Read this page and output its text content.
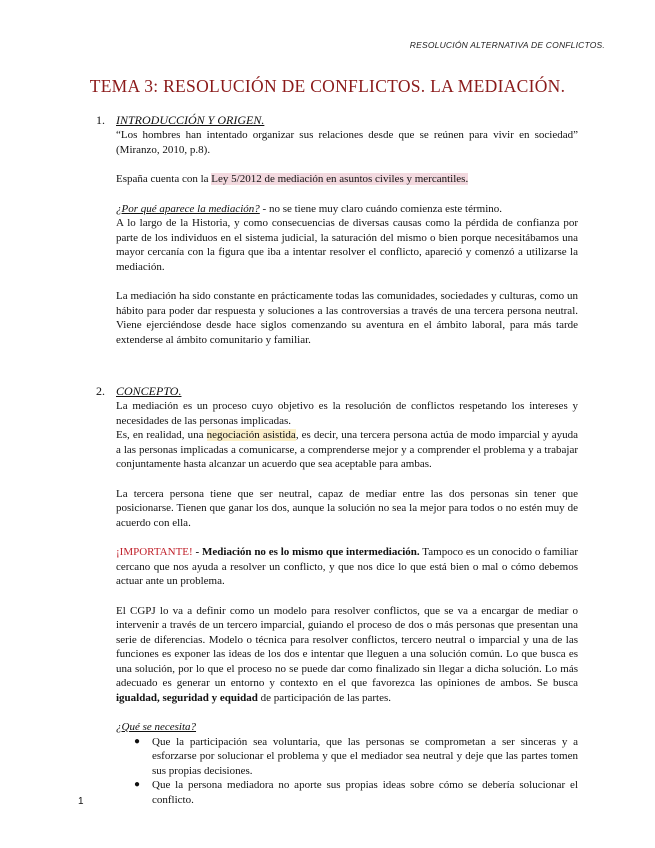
RESOLUCIÓN ALTERNATIVA DE CONFLICTOS.
TEMA 3: RESOLUCIÓN DE CONFLICTOS. LA MEDIACIÓN.
1. INTRODUCCIÓN Y ORIGEN.

“Los hombres han intentado organizar sus relaciones desde que se reúnen para vivir en sociedad” (Miranzo, 2010, p.8).

España cuenta con la Ley 5/2012 de mediación en asuntos civiles y mercantiles.

¿Por qué aparece la mediación? - no se tiene muy claro cuándo comienza este término.

A lo largo de la Historia, y como consecuencias de diversas causas como la pérdida de confianza por parte de los individuos en el sistema judicial, la saturación del mismo o bien porque necesitábamos una mayor cercanía con la figura que iba a intentar resolver el conflicto, apareció y comenzó a utilizarse la mediación.

La mediación ha sido constante en prácticamente todas las comunidades, sociedades y culturas, como un hábito para poder dar respuesta y soluciones a las controversias a través de una tercera persona neutral. Viene ejerciéndose desde hace siglos comenzando su aventura en el ámbito laboral, para más tarde extenderse al ámbito comunitario y familiar.

2. CONCEPTO.

La mediación es un proceso cuyo objetivo es la resolución de conflictos respetando los intereses y necesidades de las personas implicadas.

Es, en realidad, una negociación asistida, es decir, una tercera persona actúa de modo imparcial y ayuda a las personas implicadas a comunicarse, a comprenderse mejor y a comprender el problema y a trabajar conjuntamente hasta alcanzar un acuerdo que sea aceptable para ambas.

La tercera persona tiene que ser neutral, capaz de mediar entre las dos personas sin tener que posicionarse. Tienen que ganar los dos, aunque la solución no sea la mejor para todos o no estén muy de acuerdo con ella.

¡IMPORTANTE! - Mediación no es lo mismo que intermediación. Tampoco es un conocido o familiar cercano que nos ayuda a resolver un conflicto, y que nos dice lo que está bien o mal o cómo debemos actuar ante un problema.

El CGPJ lo va a definir como un modelo para resolver conflictos, que se va a encargar de mediar o intervenir a través de un tercero imparcial, guiando el proceso de dos o más personas que presentan una serie de diferencias. Modelo o técnica para resolver conflictos, tercero neutral o imparcial y una de las funciones es exponer las ideas de los dos e intentar que lleguen a una solución común. Lo que busca es una solución, por lo que el proceso no se puede dar como finalizado sin llegar a dicha solución. Lo más adecuado es generar un entorno y contexto en el que favorezca las opiniones de ambos. Se busca igualdad, seguridad y equidad de participación de las partes.

¿Qué se necesita?

● Que la participación sea voluntaria, que las personas se comprometan a ser sinceras y a esforzarse por solucionar el problema y que el mediador sea neutral y deje que las partes tomen sus propias decisiones.
● Que la persona mediadora no aporte sus propias ideas sobre cómo se debería solucionar el conflicto.
1
